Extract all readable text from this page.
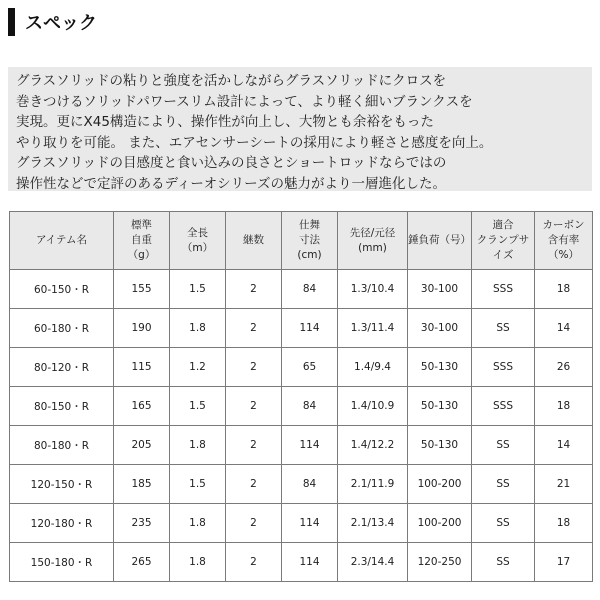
スペック
グラスソリッドの粘りと強度を活かしながらグラスソリッドにクロスを
巻きつけるソリッドパワースリム設計によって、より軽く細いブランクスを
実現。更にX45構造により、操作性が向上し、大物とも余裕をもった
やり取りを可能。 また、エアセンサーシートの採用により軽さと感度を向上。
グラスソリッドの目感度と食い込みの良さとショートロッドならではの
操作性などで定評のあるディーオシリーズの魅力がより一層進化した。
アイテム名	標準
自重
（g）	全長
（m）	継数	仕舞
寸法
(cm)	先径/元径
(mm)	錘負荷（号）	適合
クランプサ
イズ	カーボン
含有率
（%）
60-150・R	155	1.5	2	84	1.3/10.4	30-100	SSS	18
60-180・R	190	1.8	2	114	1.3/11.4	30-100	SS	14
80-120・R	115	1.2	2	65	1.4/9.4	50-130	SSS	26
80-150・R	165	1.5	2	84	1.4/10.9	50-130	SSS	18
80-180・R	205	1.8	2	114	1.4/12.2	50-130	SS	14
120-150・R	185	1.5	2	84	2.1/11.9	100-200	SS	21
120-180・R	235	1.8	2	114	2.1/13.4	100-200	SS	18
150-180・R	265	1.8	2	114	2.3/14.4	120-250	SS	17
